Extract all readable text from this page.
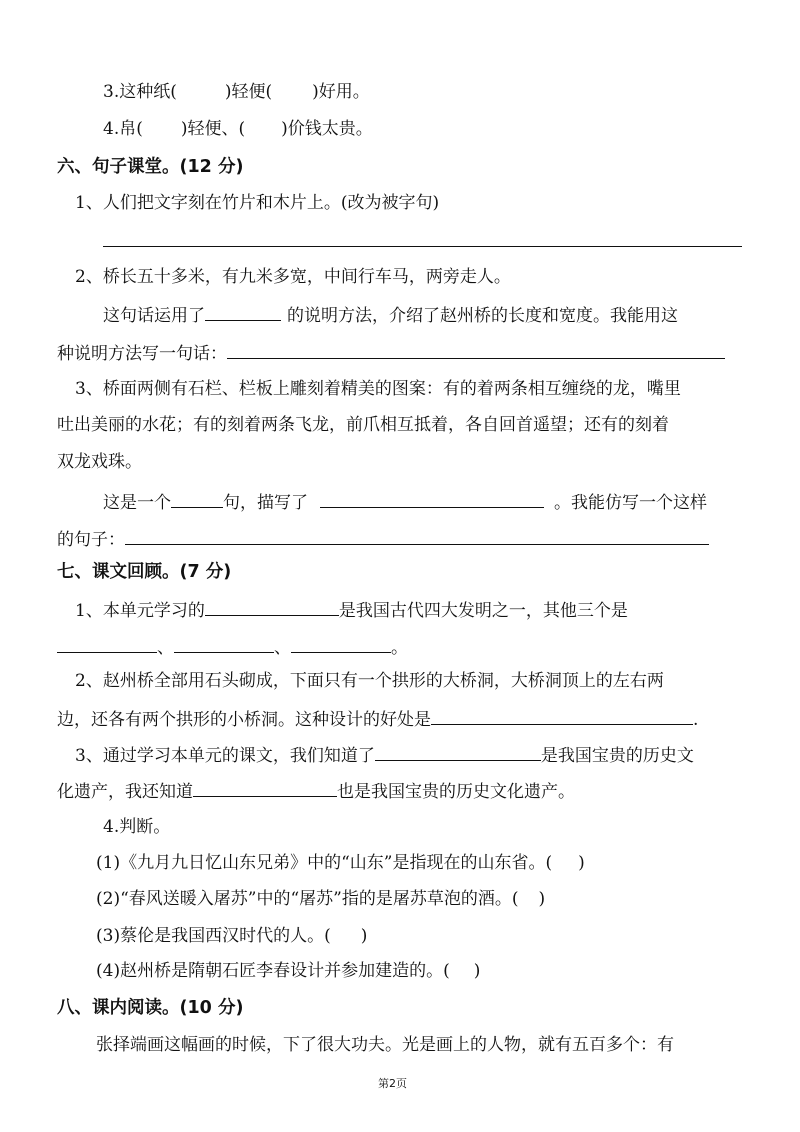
3.这种纸(	)轻便( )好用。
4.帛( )轻便、( )价钱太贵。
六、句子课堂。(12 分)
1、人们把文字刻在竹片和木片上。(改为被字句)
2、桥长五十多米，有九米多宽，中间行车马，两旁走人。
这句话运用了	的说明方法，介绍了赵州桥的长度和宽度。我能用这
种说明方法写一句话：
3、桥面两侧有石栏、栏板上雕刻着精美的图案：有的着两条相互缠绕的龙，嘴里
吐出美丽的水花；有的刻着两条飞龙，前爪相互抵着，各自回首遥望；还有的刻着
双龙戏珠。
这是一个	句，描写了	。我能仿写一个这样
的句子：
七、课文回顾。(7 分)
1、本单元学习的	是我国古代四大发明之一，其他三个是
、	、	。
2、赵州桥全部用石头砌成，下面只有一个拱形的大桥洞，大桥洞顶上的左右两
边，还各有两个拱形的小桥洞。这种设计的好处是	.
3、通过学习本单元的课文，我们知道了	是我国宝贵的历史文
化遗产，我还知道	也是我国宝贵的历史文化遗产。
4.判断。
(1)《九月九日忆山东兄弟》中的“山东”是指现在的山东省。( )
(2)“春风送暖入屠苏”中的“屠苏”指的是屠苏草泡的酒。( )
(3)蔡伦是我国西汉时代的人。( )
(4)赵州桥是隋朝石匠李春设计并参加建造的。( )
八、课内阅读。(10 分)
张择端画这幅画的时候，下了很大功夫。光是画上的人物，就有五百多个：有
第2页
